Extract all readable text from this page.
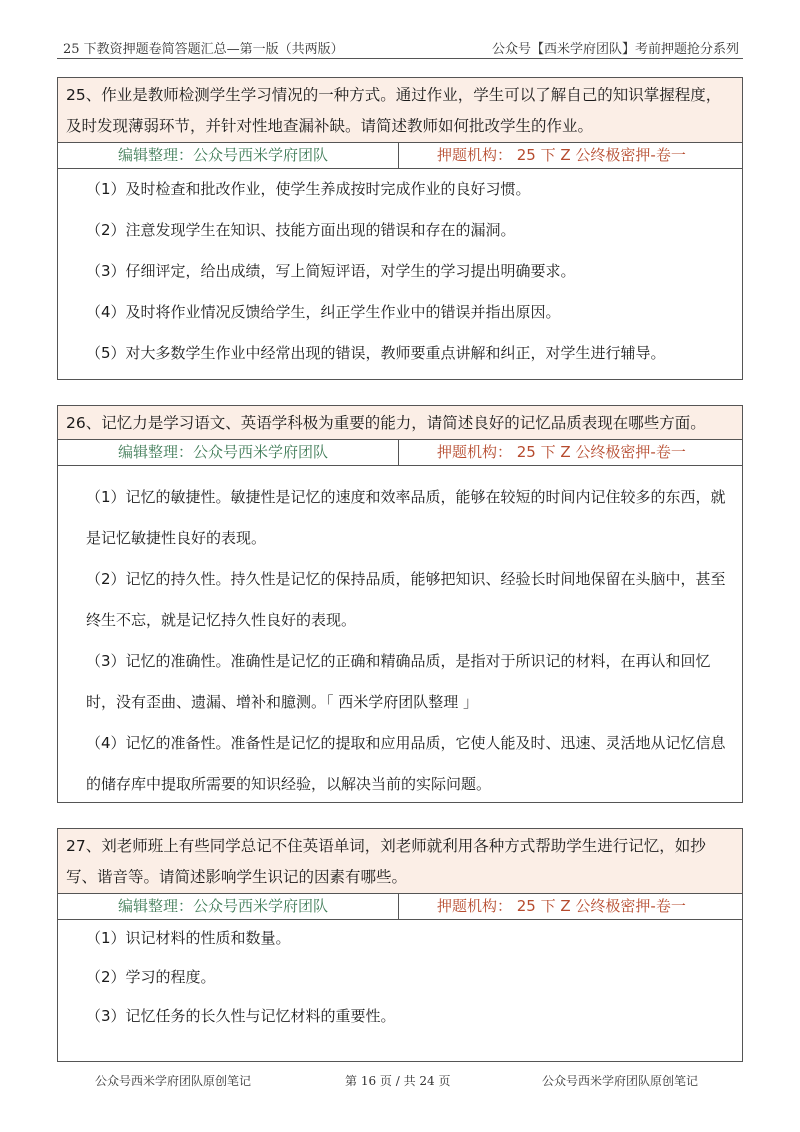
25 下教资押题卷简答题汇总—第一版（共两版）	公众号【西米学府团队】考前押题抢分系列
25、作业是教师检测学生学习情况的一种方式。通过作业，学生可以了解自己的知识掌握程度，及时发现薄弱环节，并针对性地查漏补缺。请简述教师如何批改学生的作业。
编辑整理：公众号西米学府团队	押题机构： 25 下 Z 公终极密押-卷一

（1）及时检查和批改作业，使学生养成按时完成作业的良好习惯。

（2）注意发现学生在知识、技能方面出现的错误和存在的漏洞。

（3）仔细评定，给出成绩，写上简短评语，对学生的学习提出明确要求。

（4）及时将作业情况反馈给学生，纠正学生作业中的错误并指出原因。

（5）对大多数学生作业中经常出现的错误，教师要重点讲解和纠正，对学生进行辅导。

26、记忆力是学习语文、英语学科极为重要的能力，请简述良好的记忆品质表现在哪些方面。
编辑整理：公众号西米学府团队	押题机构： 25 下 Z 公终极密押-卷一

（1）记忆的敏捷性。敏捷性是记忆的速度和效率品质，能够在较短的时间内记住较多的东西，就是记忆敏捷性良好的表现。

（2）记忆的持久性。持久性是记忆的保持品质，能够把知识、经验长时间地保留在头脑中，甚至终生不忘，就是记忆持久性良好的表现。

（3）记忆的准确性。准确性是记忆的正确和精确品质，是指对于所识记的材料，在再认和回忆时，没有歪曲、遗漏、增补和臆测。「 西米学府团队整理 」

（4）记忆的准备性。准备性是记忆的提取和应用品质，它使人能及时、迅速、灵活地从记忆信息的储存库中提取所需要的知识经验，以解决当前的实际问题。

27、刘老师班上有些同学总记不住英语单词，刘老师就利用各种方式帮助学生进行记忆，如抄写、谐音等。请简述影响学生识记的因素有哪些。
编辑整理：公众号西米学府团队	押题机构： 25 下 Z 公终极密押-卷一

（1）识记材料的性质和数量。

（2）学习的程度。

（3）记忆任务的长久性与记忆材料的重要性。

公众号西米学府团队原创笔记	第 16 页 / 共 24 页	公众号西米学府团队原创笔记
